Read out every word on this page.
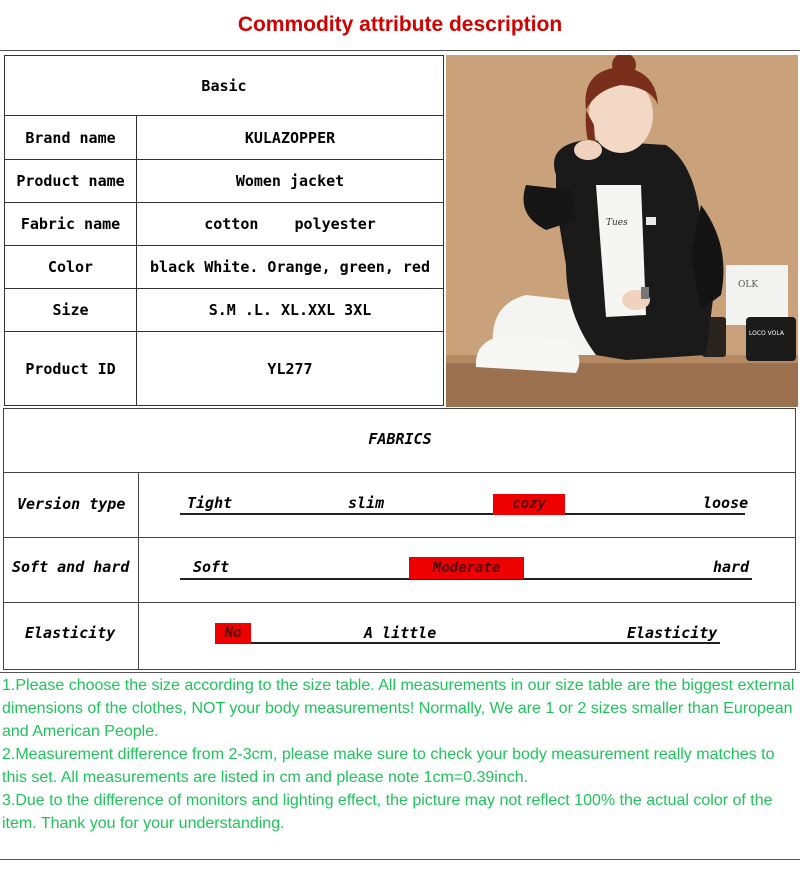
Commodity attribute description
Basic	
Brand name	KULAZOPPER
Product name	Women jacket
Fabric name	cotton    polyester
Color	black White. Orange, green, red
Size	S.M .L. XL.XXL 3XL
Product ID	YL277
OLK
LOCO VOLA
Tues
FABRICS
Version type	Tight	slim	cozy	loose
Soft and hard	Soft	Moderate	hard
Elasticity	No	A little	Elasticity

1.Please choose the size according to the size table. All measurements in our size table are the biggest external dimensions of the clothes, NOT your body measurements! Normally, We are 1 or 2 sizes smaller than European and American People.

2.Measurement difference from 2-3cm, please make sure to check your body measurement really matches to this set. All measurements are listed in cm and please note 1cm=0.39inch.

3.Due to the difference of monitors and lighting effect, the picture may not reflect 100% the actual color of the item. Thank you for your understanding.
